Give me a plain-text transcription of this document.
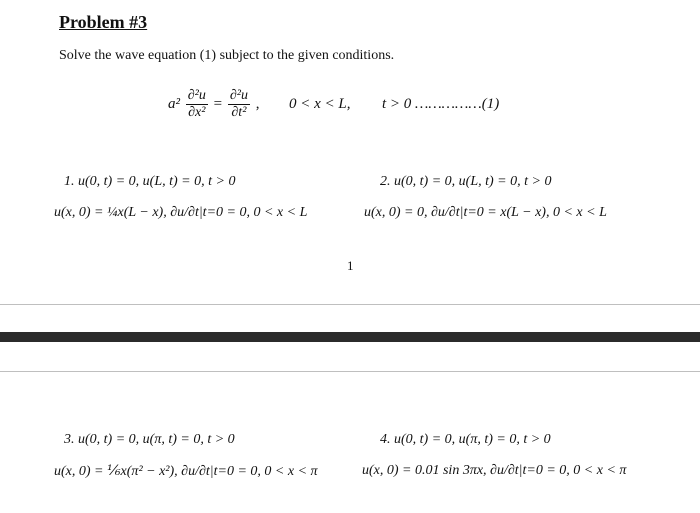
Problem #3
Solve the wave equation (1) subject to the given conditions.
$a^2 \frac{\text{∂²u}}{\text{∂x²}} = \frac{\text{∂²u}}{\text{∂t²}}$ , 0 < x < L, t > 0 ……………(1)
1. u(0, t) = 0, u(L, t) = 0, t > 0
u(x, 0) = ¼x(L − x), ∂u/∂t|t=0 = 0, 0 < x < L
2. u(0, t) = 0, u(L, t) = 0, t > 0
u(x, 0) = 0, ∂u/∂t|t=0 = x(L − x), 0 < x < L
1
3. u(0, t) = 0, u(π, t) = 0, t > 0
u(x, 0) = ⅙x(π² − x²), ∂u/∂t|t=0 = 0, 0 < x < π
4. u(0, t) = 0, u(π, t) = 0, t > 0
u(x, 0) = 0.01 sin 3πx, ∂u/∂t|t=0 = 0, 0 < x < π
